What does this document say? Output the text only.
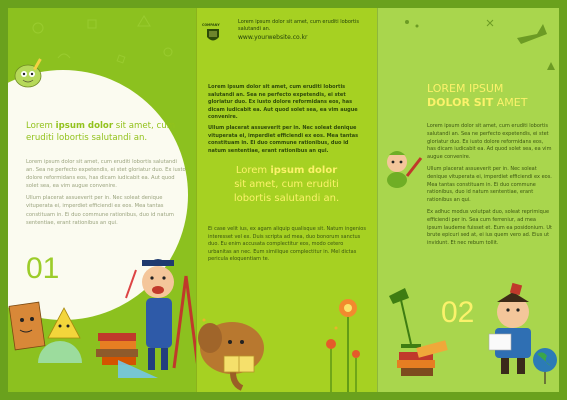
Lorem ipsum dolor sit amet, cum eruditi lobortis salutandi an.

Lorem ipsum dolor sit amet, cum eruditi lobortis salutandi an. Sea ne perfecto expetendis, ei stet gloriatur duo. Ex iusto dolore reformidans eos, has dicam iudicabit ea. Aut quod solet sea, ea vim augue convenire.

Ullum placerat assueverit per in. Nec soleat denique vituperata ei, imperdiet efficiendi ex eos. Mea tantas constituam in. Ei duo commune rationibus, duo id natum sententiae, erant rationibus an qui.

01
COMPANY	Lorem ipsum dolor sit amet, cum eruditi lobortis salutandi an.
www.yourwebsite.co.kr

Lorem ipsum dolor sit amet, cum eruditi lobortis salutandi an. Sea ne perfecto expetendis, ei stet gloriatur duo. Ex iusto dolore reformidans eos, has dicam iudicabit ea. Aut quod solet sea, ea vim augue convenire.

Ullum placerat assueverit per in. Nec soleat denique vituperata ei, imperdiet efficiendi ex eos. Mea tantas constituam in. Ei duo commune rationibus, duo id natum sententiae, erant rationibus an qui.

Lorem ipsum dolor
sit amet, cum eruditi
lobortis salutandi an.
Ei case velit ius, ex agam aliquip qualisque sit. Natum ingenios interesset vel ex. Duis scripta ad mea, duo bonorum sanctus duo. Eu enim accusata complectitur eos, modo cetero urbanitas an nec. Eum similique complectitur in. Mel dictas pericula eloquentiam te.
LOREM IPSUM
DOLOR SIT AMET

Lorem ipsum dolor sit amet, cum eruditi lobortis salutandi an. Sea ne perfecto expetendis, ei stet gloriatur duo. Ex iusto dolore reformidans eos, has dicam iudicabit ea. Ad quod solet sea, ea vim augue convenire.

Ullum placerat assueverit per in. Nec soleat denique vituperata ei, imperdiet efficiendi ex eos. Mea tantas constituam in. Ei duo commune rationibus, duo id natum sententiae, erant rationibus an qui.

Ex adhuc modus volutpat duo, soleat reprimique efficiendi per in. Sea cum ferreniur, ad mea ipsum laudeme fuisset et. Eum ea posidonium. Ut brute epicuri sed at, ei ius quem vero ad. Eius ut invidunt. Et nec rebum tollit.

02
